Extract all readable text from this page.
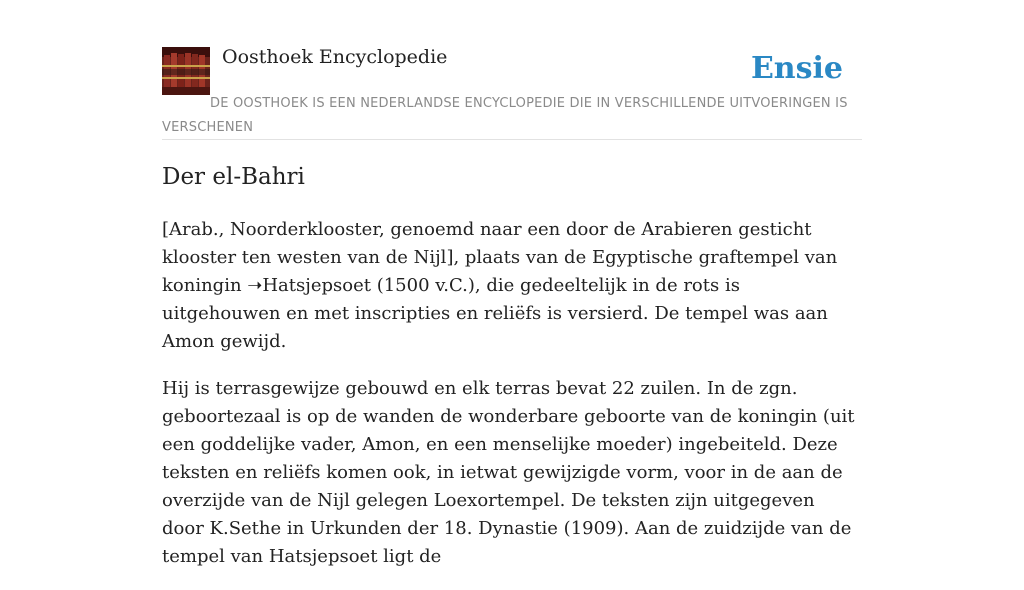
Oosthoek Encyclopedie	Ensie
DE OOSTHOEK IS EEN NEDERLANDSE ENCYCLOPEDIE DIE IN VERSCHILLENDE UITVOERINGEN IS VERSCHENEN
Der el-Bahri

[Arab., Noorderklooster, genoemd naar een door de Arabieren gesticht klooster ten westen van de Nijl], plaats van de Egyptische graftempel van koningin ➝Hatsjepsoet (1500 v.C.), die gedeeltelijk in de rots is uitgehouwen en met inscripties en reliëfs is versierd. De tempel was aan Amon gewijd.

Hij is terrasgewijze gebouwd en elk terras bevat 22 zuilen. In de zgn. geboortezaal is op de wanden de wonderbare geboorte van de koningin (uit een goddelijke vader, Amon, en een menselijke moeder) ingebeiteld. Deze teksten en reliëfs komen ook, in ietwat gewijzigde vorm, voor in de aan de overzijde van de Nijl gelegen Loexortempel. De teksten zijn uitgegeven door K.Sethe in Urkunden der 18. Dynastie (1909). Aan de zuidzijde van de tempel van Hatsjepsoet ligt de
